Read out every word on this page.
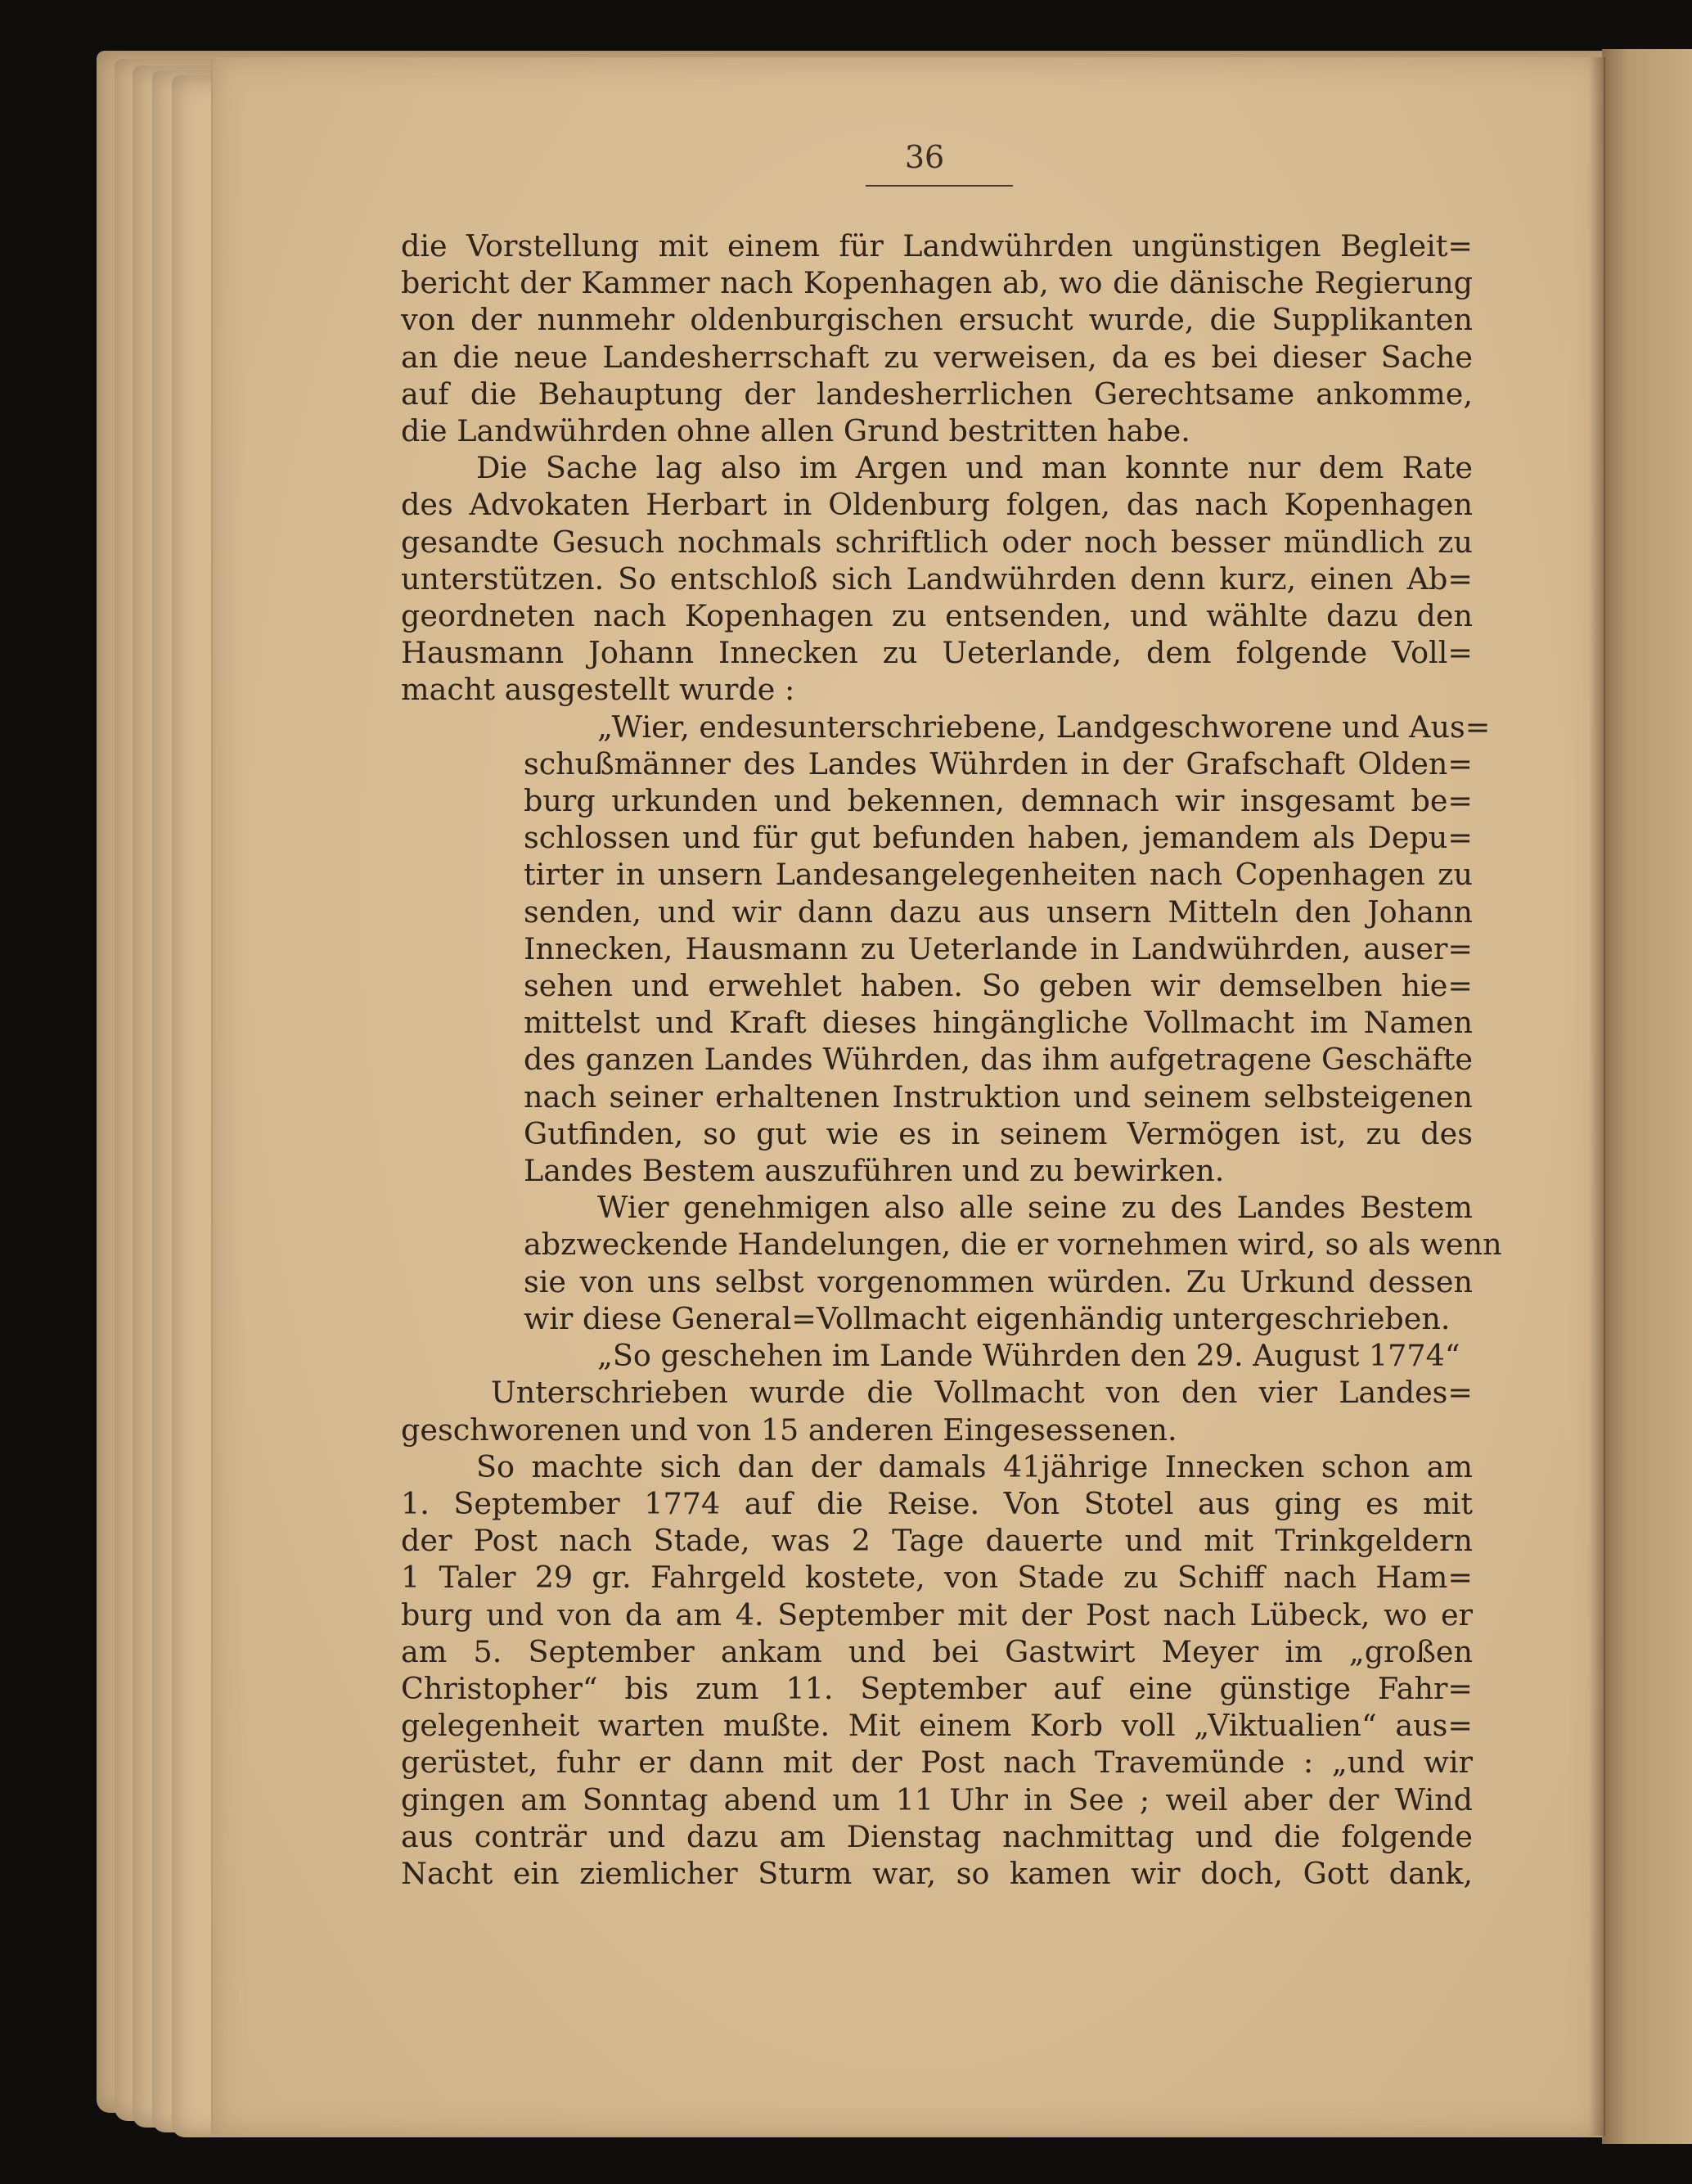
36
die Vorstellung mit einem für Landwührden ungünstigen Begleit=
bericht der Kammer nach Kopenhagen ab, wo die dänische Regierung
von der nunmehr oldenburgischen ersucht wurde, die Supplikanten
an die neue Landesherrschaft zu verweisen, da es bei dieser Sache
auf die Behauptung der landesherrlichen Gerechtsame ankomme,
die Landwührden ohne allen Grund bestritten habe.
Die Sache lag also im Argen und man konnte nur dem Rate
des Advokaten Herbart in Oldenburg folgen, das nach Kopenhagen
gesandte Gesuch nochmals schriftlich oder noch besser mündlich zu
unterstützen. So entschloß sich Landwührden denn kurz, einen Ab=
geordneten nach Kopenhagen zu entsenden, und wählte dazu den
Hausmann Johann Innecken zu Ueterlande, dem folgende Voll=
macht ausgestellt wurde :
„Wier, endesunterschriebene, Landgeschworene und Aus=
schußmänner des Landes Wührden in der Grafschaft Olden=
burg urkunden und bekennen, demnach wir insgesamt be=
schlossen und für gut befunden haben, jemandem als Depu=
tirter in unsern Landesangelegenheiten nach Copenhagen zu
senden, und wir dann dazu aus unsern Mitteln den Johann
Innecken, Hausmann zu Ueterlande in Landwührden, auser=
sehen und erwehlet haben. So geben wir demselben hie=
mittelst und Kraft dieses hingängliche Vollmacht im Namen
des ganzen Landes Wührden, das ihm aufgetragene Geschäfte
nach seiner erhaltenen Instruktion und seinem selbsteigenen
Gutfinden, so gut wie es in seinem Vermögen ist, zu des
Landes Bestem auszuführen und zu bewirken.
Wier genehmigen also alle seine zu des Landes Bestem
abzweckende Handelungen, die er vornehmen wird, so als wenn
sie von uns selbst vorgenommen würden. Zu Urkund dessen
wir diese General=Vollmacht eigenhändig untergeschrieben.
„So geschehen im Lande Wührden den 29. August 1774“
Unterschrieben wurde die Vollmacht von den vier Landes=
geschworenen und von 15 anderen Eingesessenen.
So machte sich dan der damals 41jährige Innecken schon am
1. September 1774 auf die Reise. Von Stotel aus ging es mit
der Post nach Stade, was 2 Tage dauerte und mit Trinkgeldern
1 Taler 29 gr. Fahrgeld kostete, von Stade zu Schiff nach Ham=
burg und von da am 4. September mit der Post nach Lübeck, wo er
am 5. September ankam und bei Gastwirt Meyer im „großen
Christopher“ bis zum 11. September auf eine günstige Fahr=
gelegenheit warten mußte. Mit einem Korb voll „Viktualien“ aus=
gerüstet, fuhr er dann mit der Post nach Travemünde : „und wir
gingen am Sonntag abend um 11 Uhr in See ; weil aber der Wind
aus conträr und dazu am Dienstag nachmittag und die folgende
Nacht ein ziemlicher Sturm war, so kamen wir doch, Gott dank,
